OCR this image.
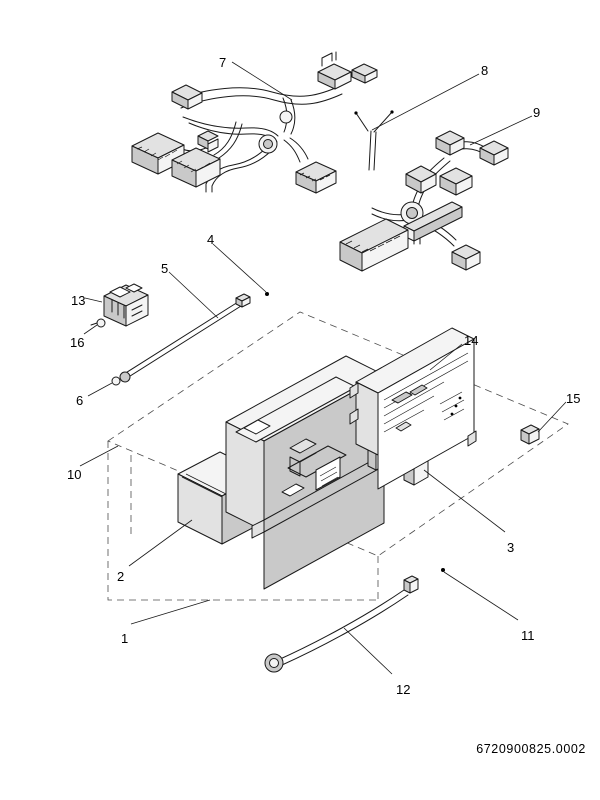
1
2
3
4
5
6
7
8
9
10
11
12
13
14
15
16
6720900825.0002
